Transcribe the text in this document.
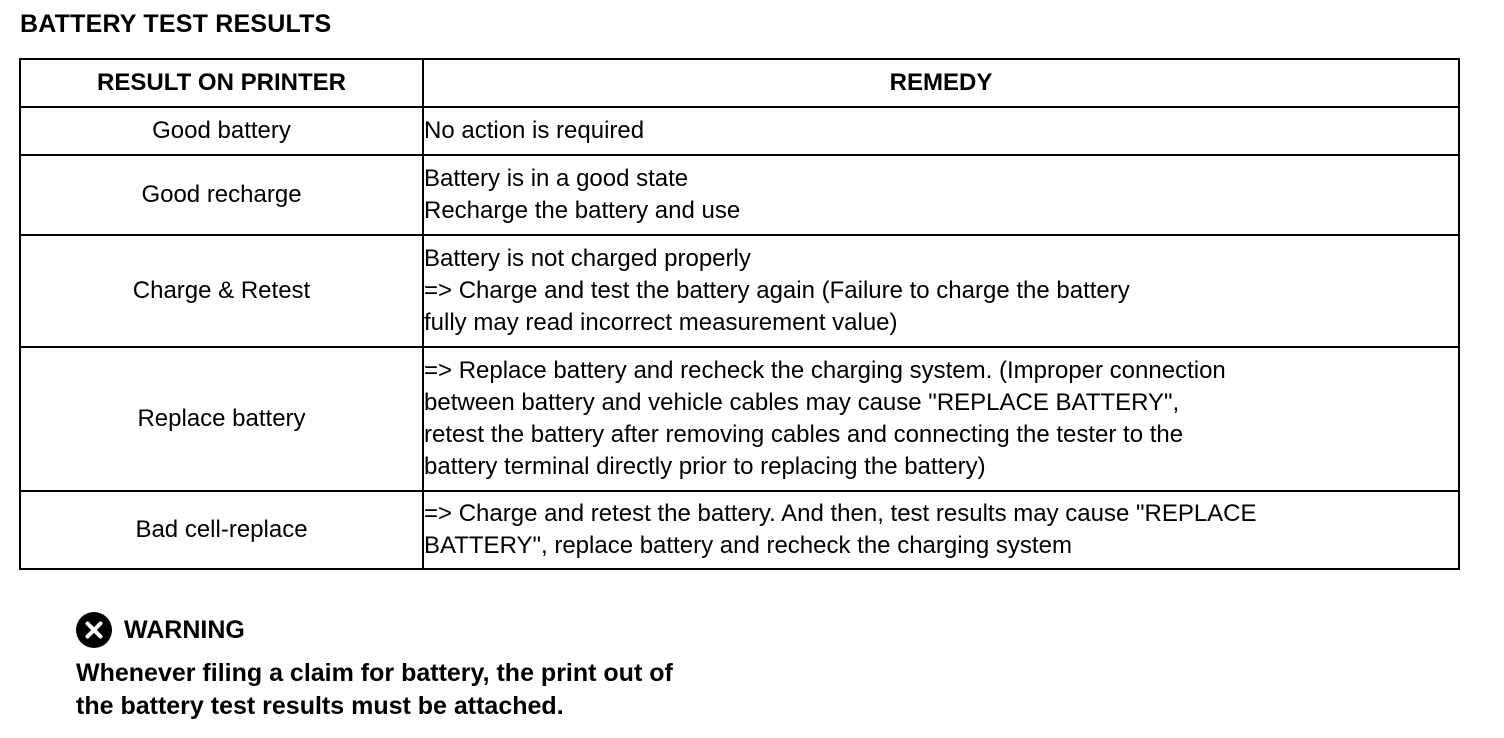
BATTERY TEST RESULTS
RESULT ON PRINTER	REMEDY
Good battery	No action is required

Good recharge	Battery is in a good state
Recharge the battery and use

Charge & Retest	Battery is not charged properly
=> Charge and test the battery again (Failure to charge the battery
fully may read incorrect measurement value)

Replace battery	=> Replace battery and recheck the charging system. (Improper connection
between battery and vehicle cables may cause "REPLACE BATTERY",
retest the battery after removing cables and connecting the tester to the
battery terminal directly prior to replacing the battery)

Bad cell-replace	=> Charge and retest the battery. And then, test results may cause "REPLACE
BATTERY", replace battery and recheck the charging system
WARNING
Whenever filing a claim for battery, the print out of
the battery test results must be attached.
